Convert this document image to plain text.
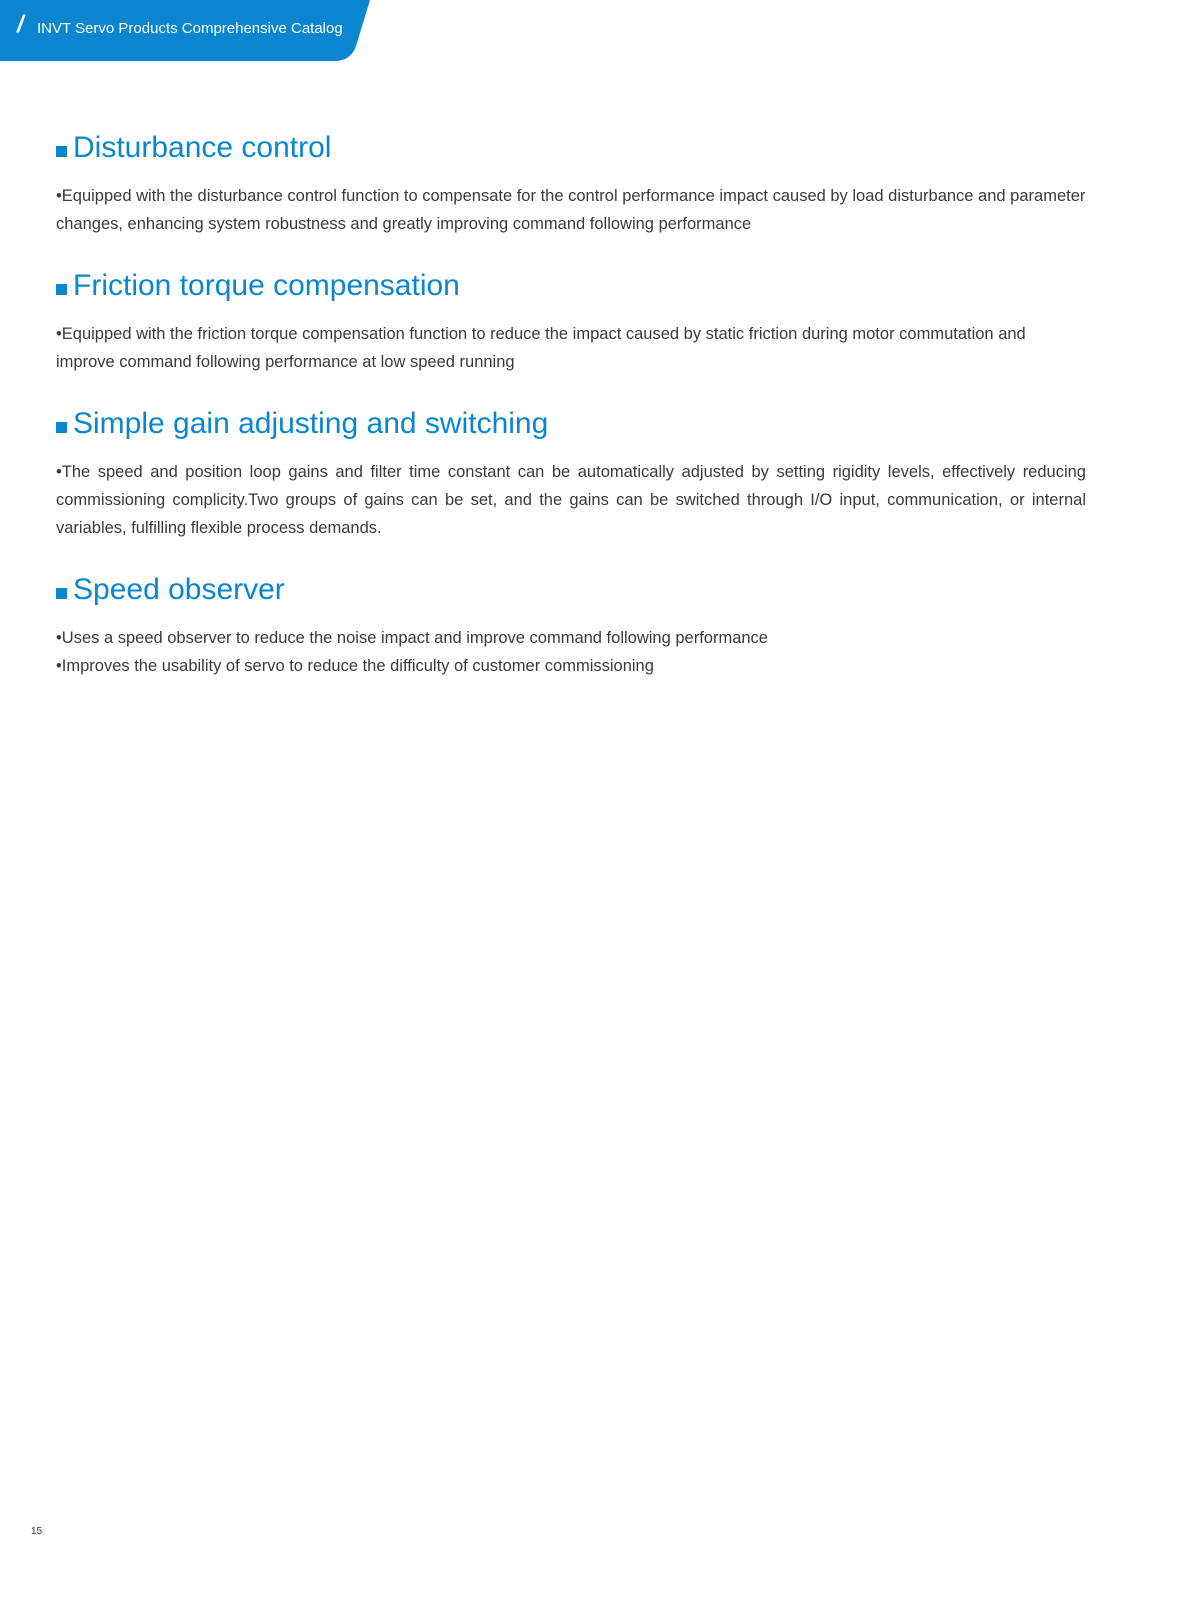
/ INVT Servo Products Comprehensive Catalog
Disturbance control

•Equipped with the disturbance control function to compensate for the control performance impact caused by load disturbance and parameter changes, enhancing system robustness and greatly improving command following performance

Friction torque compensation

•Equipped with the friction torque compensation function to reduce the impact caused by static friction during motor commutation and improve command following performance at low speed running

Simple gain adjusting and switching

•The speed and position loop gains and filter time constant can be automatically adjusted by setting rigidity levels, effectively reducing commissioning complicity.Two groups of gains can be set, and the gains can be switched through I/O input, communication, or internal variables, fulfilling flexible process demands.

Speed observer

•Uses a speed observer to reduce the noise impact and improve command following performance

•Improves the usability of servo to reduce the difficulty of customer commissioning

15
